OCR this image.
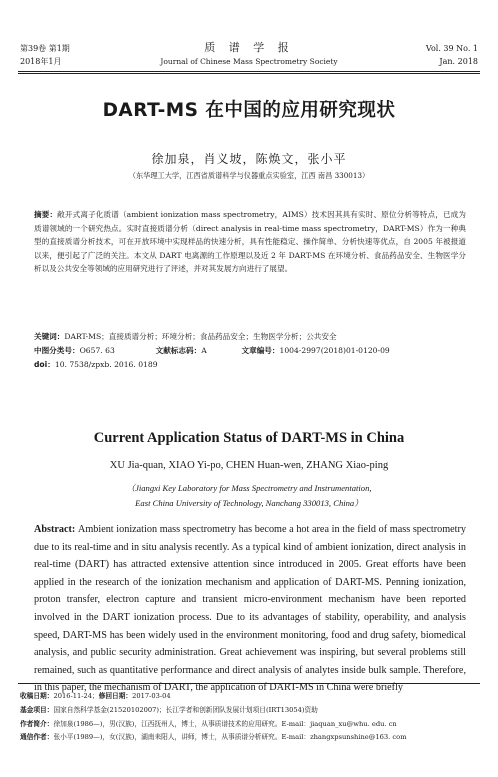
第39卷 第1期
2018年1月
质 谱 学 报
Journal of Chinese Mass Spectrometry Society
Vol. 39 No. 1
Jan. 2018
DART-MS 在中国的应用研究现状
徐加泉，肖义坡，陈焕文，张小平
（东华理工大学，江西省质谱科学与仪器重点实验室，江西 南昌 330013）
摘要：敞开式离子化质谱（ambient ionization mass spectrometry，AIMS）技术因其具有实时、原位分析等特点，已成为质谱领域的一个研究热点。实时直接质谱分析（direct analysis in real-time mass spectrometry，DART-MS）作为一种典型的直接质谱分析技术，可在开放环境中实现样品的快速分析，具有性能稳定、操作简单、分析快速等优点，自 2005 年被报道以来，便引起了广泛的关注。本文从 DART 电离源的工作原理以及近 2 年 DART-MS 在环境分析、食品药品安全、生物医学分析以及公共安全等领域的应用研究进行了评述，并对其发展方向进行了展望。
关键词：DART-MS；直接质谱分析；环境分析；食品药品安全；生物医学分析；公共安全
中图分类号：O657. 63	文献标志码：A	文章编号：1004-2997(2018)01-0120-09
doi：10. 7538/zpxb. 2016. 0189
Current Application Status of DART-MS in China
XU Jia-quan, XIAO Yi-po, CHEN Huan-wen, ZHANG Xiao-ping
（Jiangxi Key Laboratory for Mass Spectrometry and Instrumentation,
East China University of Technology, Nanchang 330013, China）
Abstract: Ambient ionization mass spectrometry has become a hot area in the field of mass spectrometry due to its real-time and in situ analysis recently. As a typical kind of ambient ionization, direct analysis in real-time (DART) has attracted extensive attention since introduced in 2005. Great efforts have been applied in the research of the ionization mechanism and application of DART-MS. Penning ionization, proton transfer, electron capture and transient micro-environment mechanism have been reported involved in the DART ionization process. Due to its advantages of stability, operability, and analysis speed, DART-MS has been widely used in the environment monitoring, food and drug safety, biomedical analysis, and public security administration. Great achievement was inspiring, but several problems still remained, such as quantitative performance and direct analysis of analytes inside bulk sample. Therefore, in this paper, the mechanism of DART, the application of DART-MS in China were briefly
收稿日期：2016-11-24；修回日期：2017-03-04
基金项目：国家自然科学基金(21520102007)；长江学者和创新团队发展计划项目(IRT13054)资助
作者简介：徐加泉(1986—)，男(汉族)，江西抚州人，博士，从事质谱技术的应用研究。E-mail：jiaquan_xu@whu. edu. cn
通信作者：张小平(1989—)，女(汉族)，湖南耒阳人，讲师，博士，从事质谱分析研究。E-mail：zhangxpsunshine@163. com
